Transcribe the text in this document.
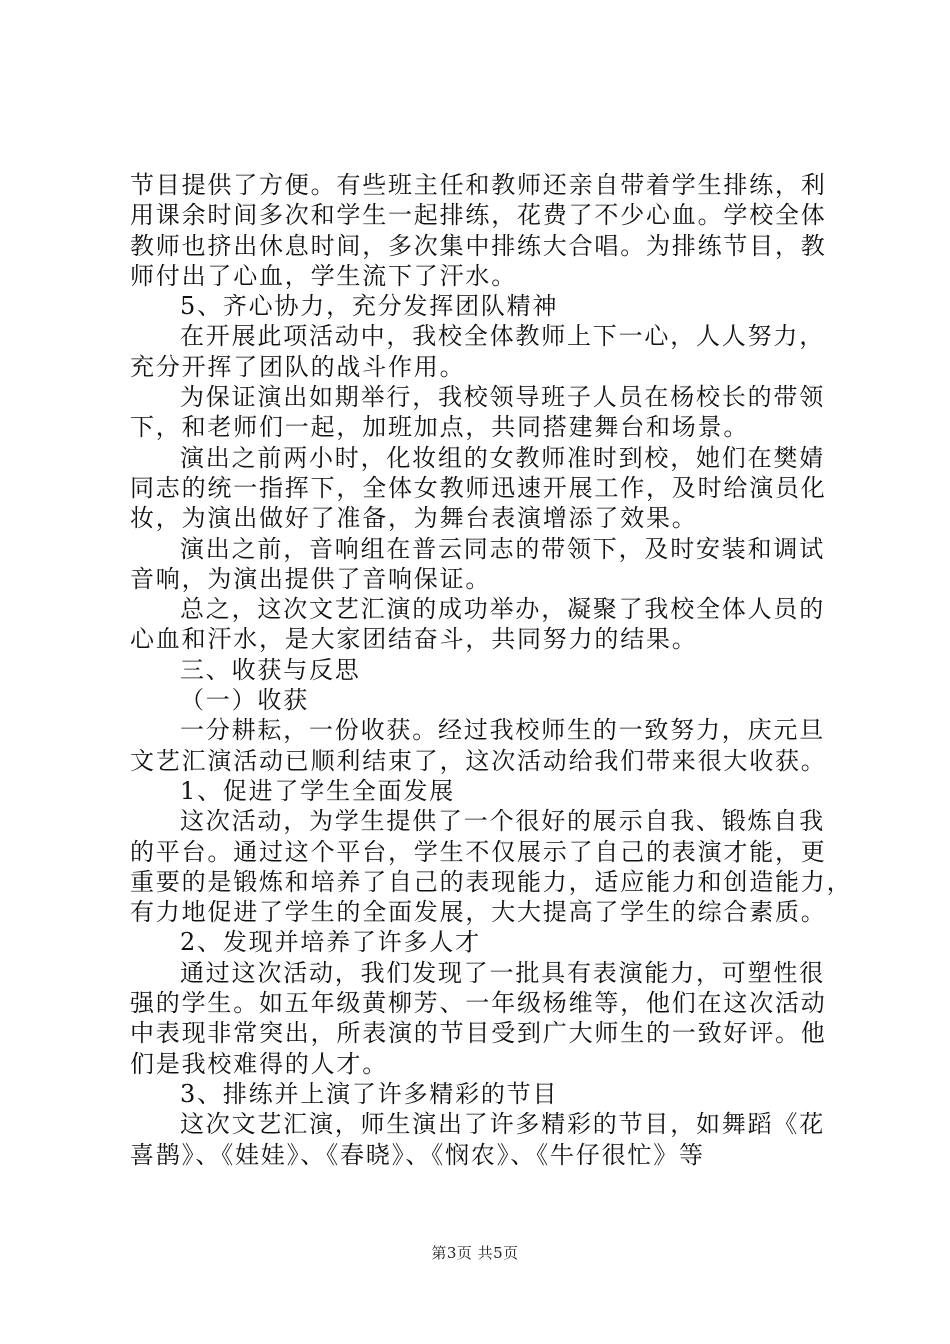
节目提供了方便。有些班主任和教师还亲自带着学生排练，利
用课余时间多次和学生一起排练，花费了不少心血。学校全体
教师也挤出休息时间，多次集中排练大合唱。为排练节目，教
师付出了心血，学生流下了汗水。
5、齐心协力，充分发挥团队精神
在开展此项活动中，我校全体教师上下一心，人人努力，
充分开挥了团队的战斗作用。
为保证演出如期举行，我校领导班子人员在杨校长的带领
下，和老师们一起，加班加点，共同搭建舞台和场景。
演出之前两小时，化妆组的女教师准时到校，她们在樊婧
同志的统一指挥下，全体女教师迅速开展工作，及时给演员化
妆，为演出做好了准备，为舞台表演增添了效果。
演出之前，音响组在普云同志的带领下，及时安装和调试
音响，为演出提供了音响保证。
总之，这次文艺汇演的成功举办，凝聚了我校全体人员的
心血和汗水，是大家团结奋斗，共同努力的结果。
三、收获与反思
（一）收获
一分耕耘，一份收获。经过我校师生的一致努力，庆元旦
文艺汇演活动已顺利结束了，这次活动给我们带来很大收获。
1、促进了学生全面发展
这次活动，为学生提供了一个很好的展示自我、锻炼自我
的平台。通过这个平台，学生不仅展示了自己的表演才能，更
重要的是锻炼和培养了自己的表现能力，适应能力和创造能力，
有力地促进了学生的全面发展，大大提高了学生的综合素质。
2、发现并培养了许多人才
通过这次活动，我们发现了一批具有表演能力，可塑性很
强的学生。如五年级黄柳芳、一年级杨维等，他们在这次活动
中表现非常突出，所表演的节目受到广大师生的一致好评。他
们是我校难得的人才。
3、排练并上演了许多精彩的节目
这次文艺汇演，师生演出了许多精彩的节目，如舞蹈《花
喜鹊》、《娃娃》、《春晓》、《悯农》、《牛仔很忙》等
第3页 共5页
